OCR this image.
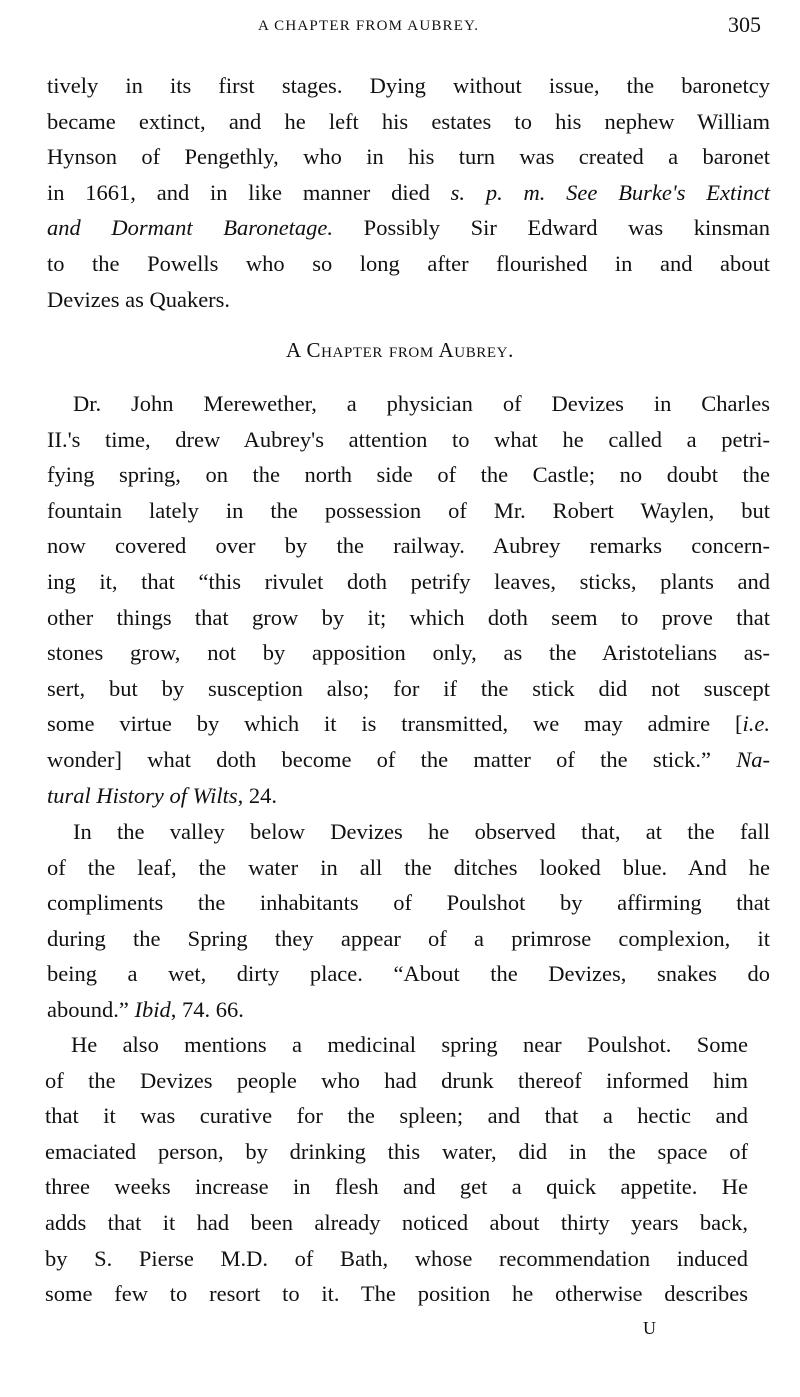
A CHAPTER FROM AUBREY.	305
tively in its first stages. Dying without issue, the baronetcy
became extinct, and he left his estates to his nephew William
Hynson of Pengethly, who in his turn was created a baronet
in 1661, and in like manner died s. p. m. See Burke's Extinct
and Dormant Baronetage. Possibly Sir Edward was kinsman
to the Powells who so long after flourished in and about
Devizes as Quakers.
A Chapter from Aubrey.
Dr. John Merewether, a physician of Devizes in Charles
II.'s time, drew Aubrey's attention to what he called a petri-
fying spring, on the north side of the Castle; no doubt the
fountain lately in the possession of Mr. Robert Waylen, but
now covered over by the railway. Aubrey remarks concern-
ing it, that “this rivulet doth petrify leaves, sticks, plants and
other things that grow by it; which doth seem to prove that
stones grow, not by apposition only, as the Aristotelians as-
sert, but by susception also; for if the stick did not suscept
some virtue by which it is transmitted, we may admire [i.e.
wonder] what doth become of the matter of the stick.” Na-
tural History of Wilts, 24.
In the valley below Devizes he observed that, at the fall
of the leaf, the water in all the ditches looked blue. And he
compliments the inhabitants of Poulshot by affirming that
during the Spring they appear of a primrose complexion, it
being a wet, dirty place. “About the Devizes, snakes do
abound.” Ibid, 74. 66.
He also mentions a medicinal spring near Poulshot. Some
of the Devizes people who had drunk thereof informed him
that it was curative for the spleen; and that a hectic and
emaciated person, by drinking this water, did in the space of
three weeks increase in flesh and get a quick appetite. He
adds that it had been already noticed about thirty years back,
by S. Pierse M.D. of Bath, whose recommendation induced
some few to resort to it. The position he otherwise describes
U
